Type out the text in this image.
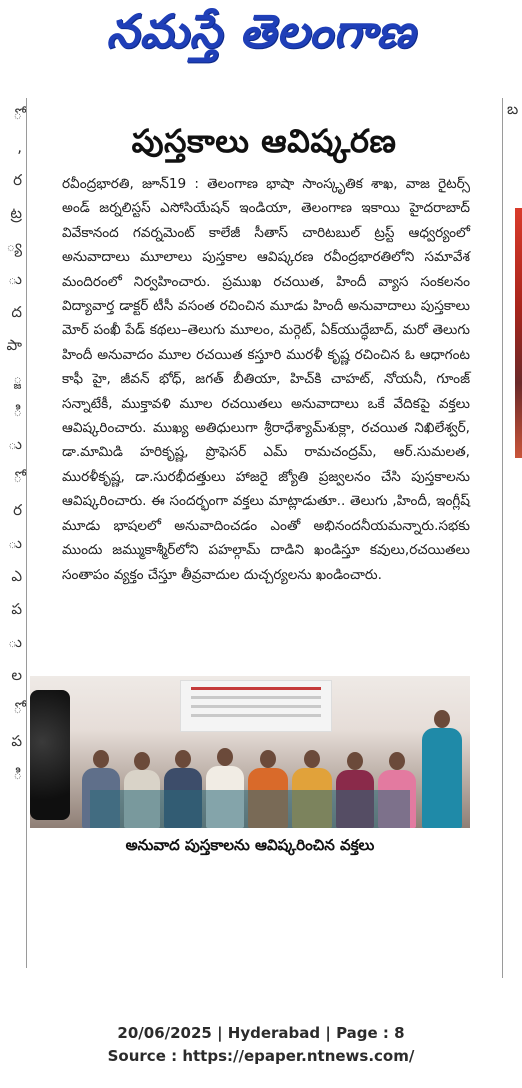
నమస్తే తెలంగాణ
ో
,
ర
ట్ర
్య
ు
ద
పా
్జ
ి
ు
ో
ర
ు
ఎ
ప
ు
ల
ో
ప
ి
బ
పుస్తకాలు ఆవిష్కరణ
రవీంద్రభారతి, జూన్19 : తెలంగాణ భాషా సాంస్కృతిక శాఖ, వాజ రైటర్స్ అండ్ జర్నలిస్టస్ ఎసోసియేషన్ ఇండియా, తెలంగాణ ఇకాయి హైదరాబాద్ వివేకానంద గవర్నమెంట్ కాలేజీ సీతాస్ చారిటబుల్ ట్రస్ట్ ఆధ్వర్యంలో అనువాదాలు మూలాలు పుస్తకాల ఆవిష్కరణ రవీంద్రభారతిలోని సమావేశ మందిరంలో నిర్వహించారు. ప్రముఖ రచయిత, హిందీ వ్యాస సంకలనం విద్యావార్త డాక్టర్ టీసీ వసంత రచించిన మూడు హిందీ అనువాదాలు పుస్తకాలు మోర్ పంఖీ పేడ్ కథలు–తెలుగు మూలం, మర్గెట్, ఏక్‌యుద్ధేబాద్, మరో తెలుగు హిందీ అనువాదం మూల రచయిత కస్తూరి మురళీ కృష్ణ రచించిన ఓ ఆధాగంట కాఫీ హై, జీవన్ భోధ్, జగత్ బీతియా, హిచ్‌కి చాహట్, నోయనీ, గూంజ్ సన్నాటేకీ, ముక్తావళి మూల రచయితలు అనువాదాలు ఒకే వేదికపై వక్తలు ఆవిష్కరించారు. ముఖ్య అతిధులుగా శ్రీరాధేశ్యామ్‌శుక్లా, రచయిత నిఖిలేశ్వర్, డా.మామిడి హరికృష్ణ, ప్రొఫెసర్ ఎమ్ రామచంద్రమ్, ఆర్.సుమలత, మురళీకృష్ణ, డా.సురభీదత్తులు హాజరై జ్యోతి ప్రజ్వలనం చేసి పుస్తకాలను ఆవిష్కరించారు. ఈ సందర్భంగా వక్తలు మాట్లాడుతూ.. తెలుగు ,హిందీ, ఇంగ్లీష్ మూడు భాషలలో అనువాదించడం ఎంతో అభినందనీయమన్నారు.సభకు ముందు జమ్ముకాశ్మీర్‌లోని పహల్గామ్ దాడిని ఖండిస్తూ కవులు,రచయితలు సంతాపం వ్యక్తం చేస్తూ తీవ్రవాదుల దుచ్చర్యలను ఖండించారు.
అనువాద పుస్తకాలను ఆవిష్కరించిన వక్తలు
20/06/2025 | Hyderabad | Page : 8
Source : https://epaper.ntnews.com/
